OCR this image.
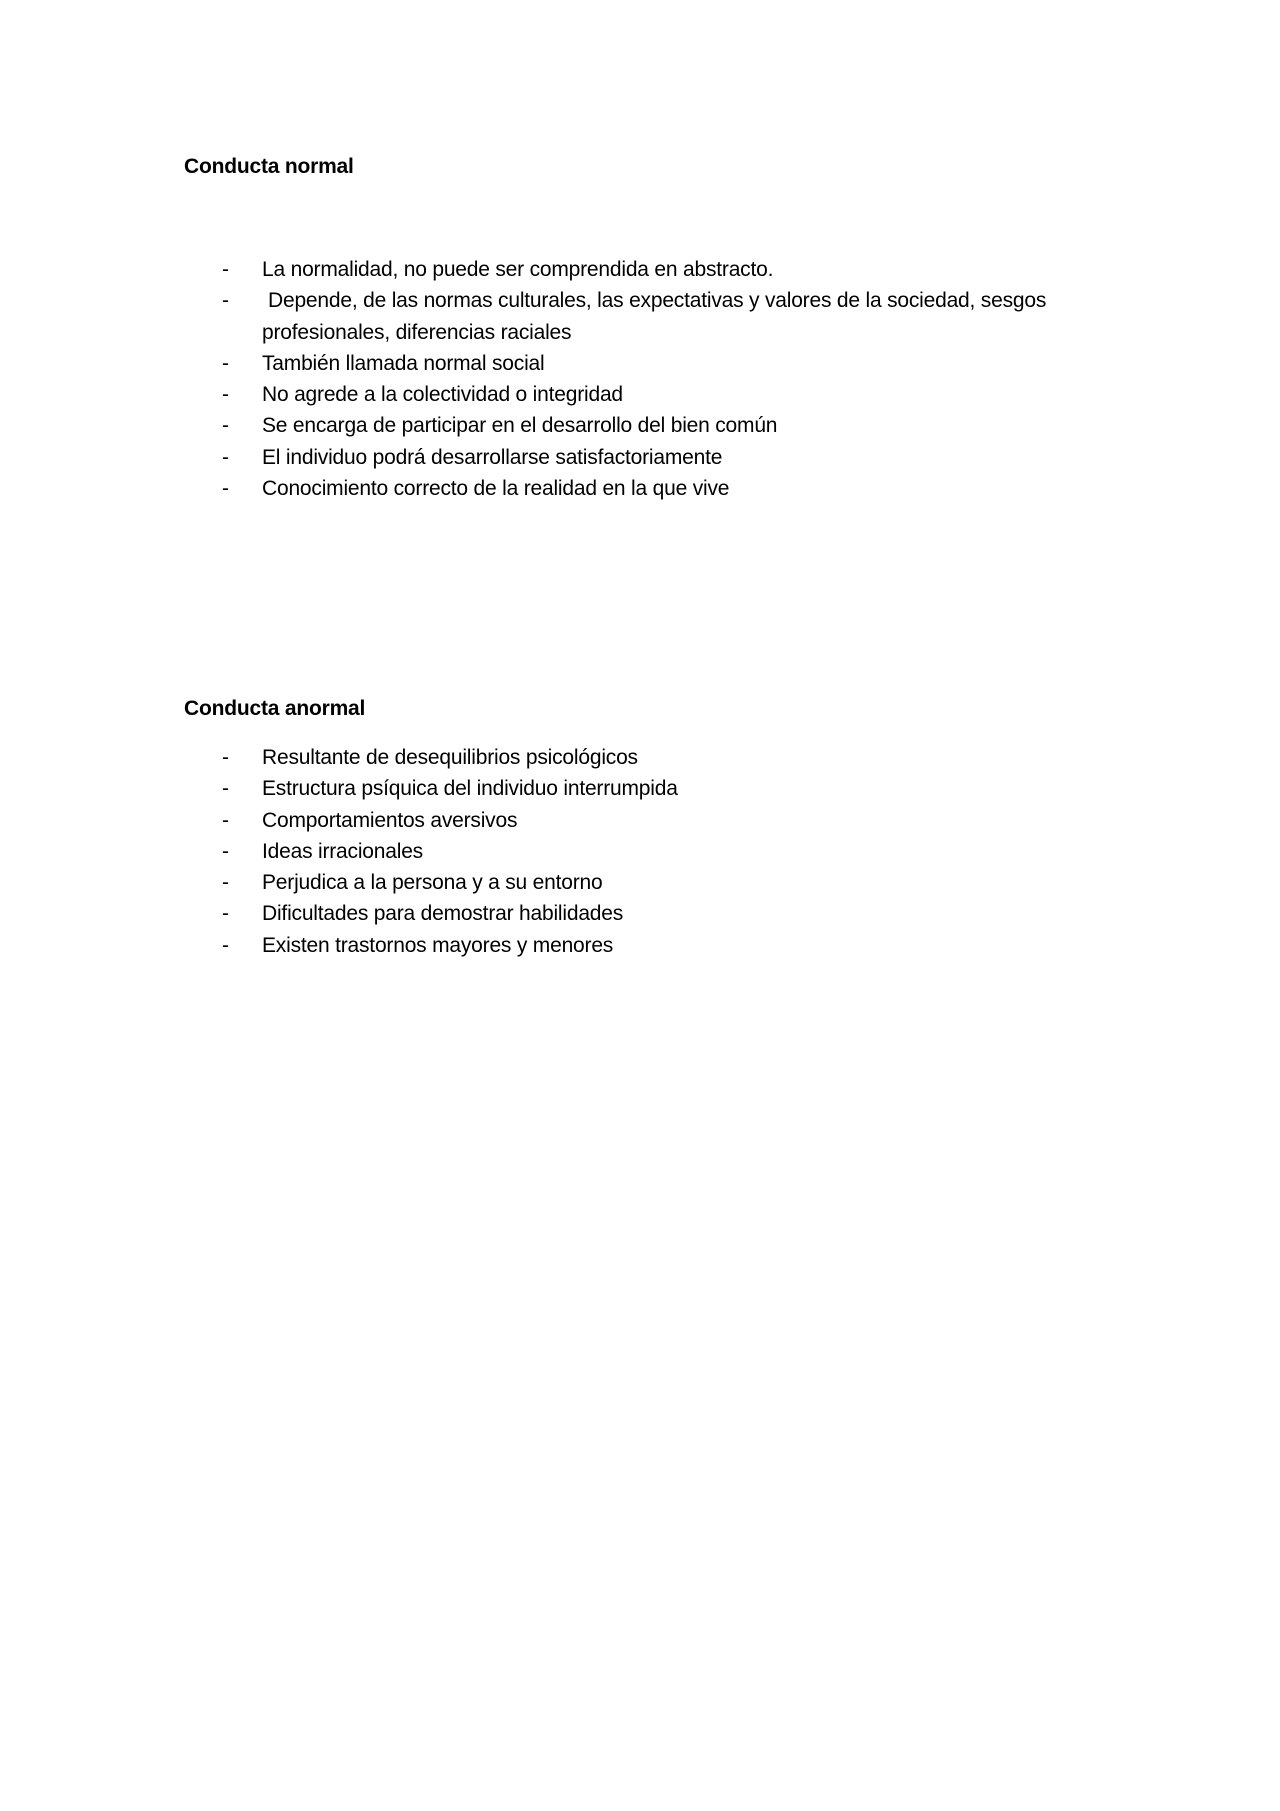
Conducta normal

- La normalidad, no puede ser comprendida en abstracto.
- Depende, de las normas culturales, las expectativas y valores de la sociedad, sesgos profesionales, diferencias raciales
- También llamada normal social
- No agrede a la colectividad o integridad
- Se encarga de participar en el desarrollo del bien común
- El individuo podrá desarrollarse satisfactoriamente
- Conocimiento correcto de la realidad en la que vive

Conducta anormal

- Resultante de desequilibrios psicológicos
- Estructura psíquica del individuo interrumpida
- Comportamientos aversivos
- Ideas irracionales
- Perjudica a la persona y a su entorno
- Dificultades para demostrar habilidades
- Existen trastornos mayores y menores
